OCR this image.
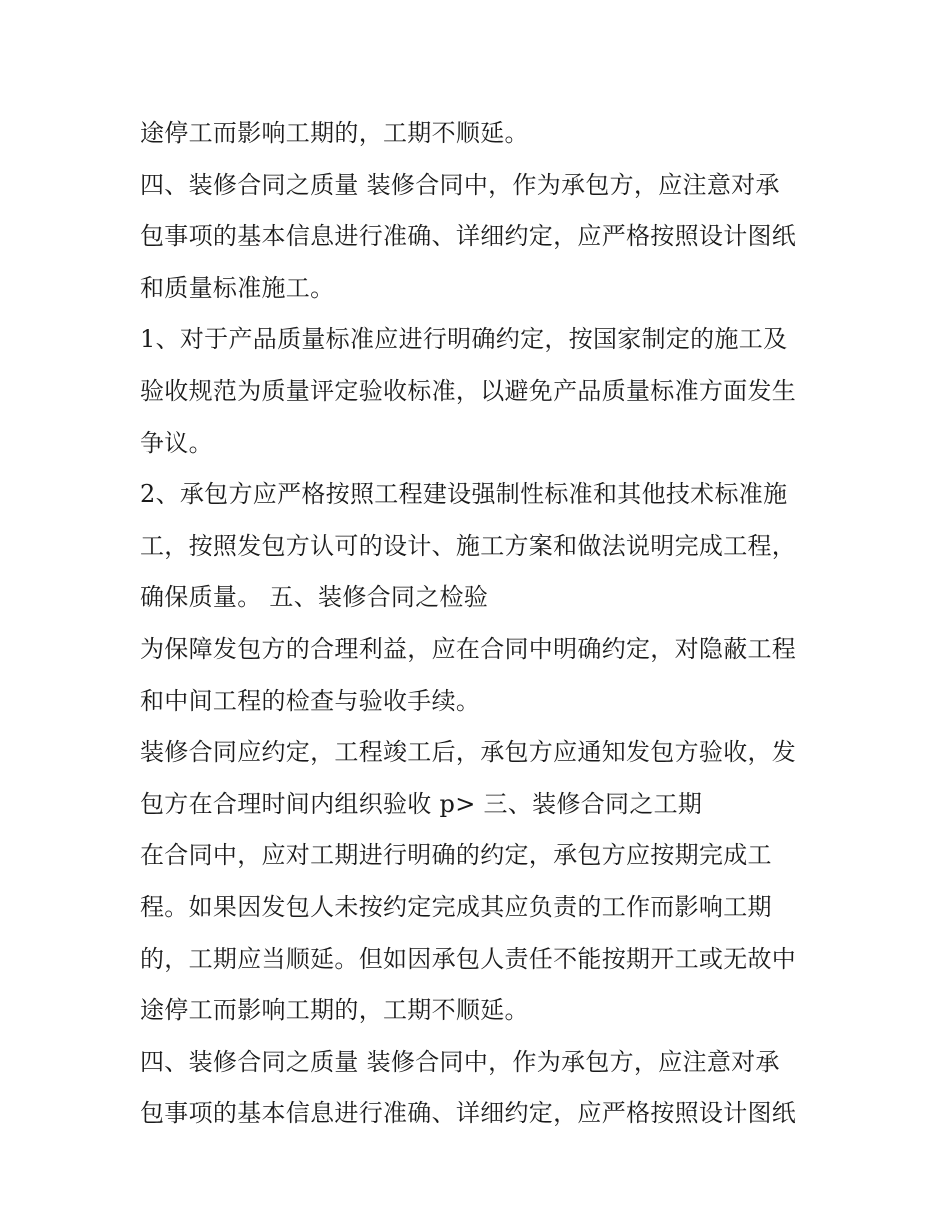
途停工而影响工期的，工期不顺延。
四、装修合同之质量 装修合同中，作为承包方，应注意对承
包事项的基本信息进行准确、详细约定，应严格按照设计图纸
和质量标准施工。
1、对于产品质量标准应进行明确约定，按国家制定的施工及
验收规范为质量评定验收标准，以避免产品质量标准方面发生
争议。
2、承包方应严格按照工程建设强制性标准和其他技术标准施
工，按照发包方认可的设计、施工方案和做法说明完成工程，
确保质量。 五、装修合同之检验
为保障发包方的合理利益，应在合同中明确约定，对隐蔽工程
和中间工程的检查与验收手续。
装修合同应约定，工程竣工后，承包方应通知发包方验收，发
包方在合理时间内组织验收 p> 三、装修合同之工期
在合同中，应对工期进行明确的约定，承包方应按期完成工
程。如果因发包人未按约定完成其应负责的工作而影响工期
的，工期应当顺延。但如因承包人责任不能按期开工或无故中
途停工而影响工期的，工期不顺延。
四、装修合同之质量 装修合同中，作为承包方，应注意对承
包事项的基本信息进行准确、详细约定，应严格按照设计图纸
